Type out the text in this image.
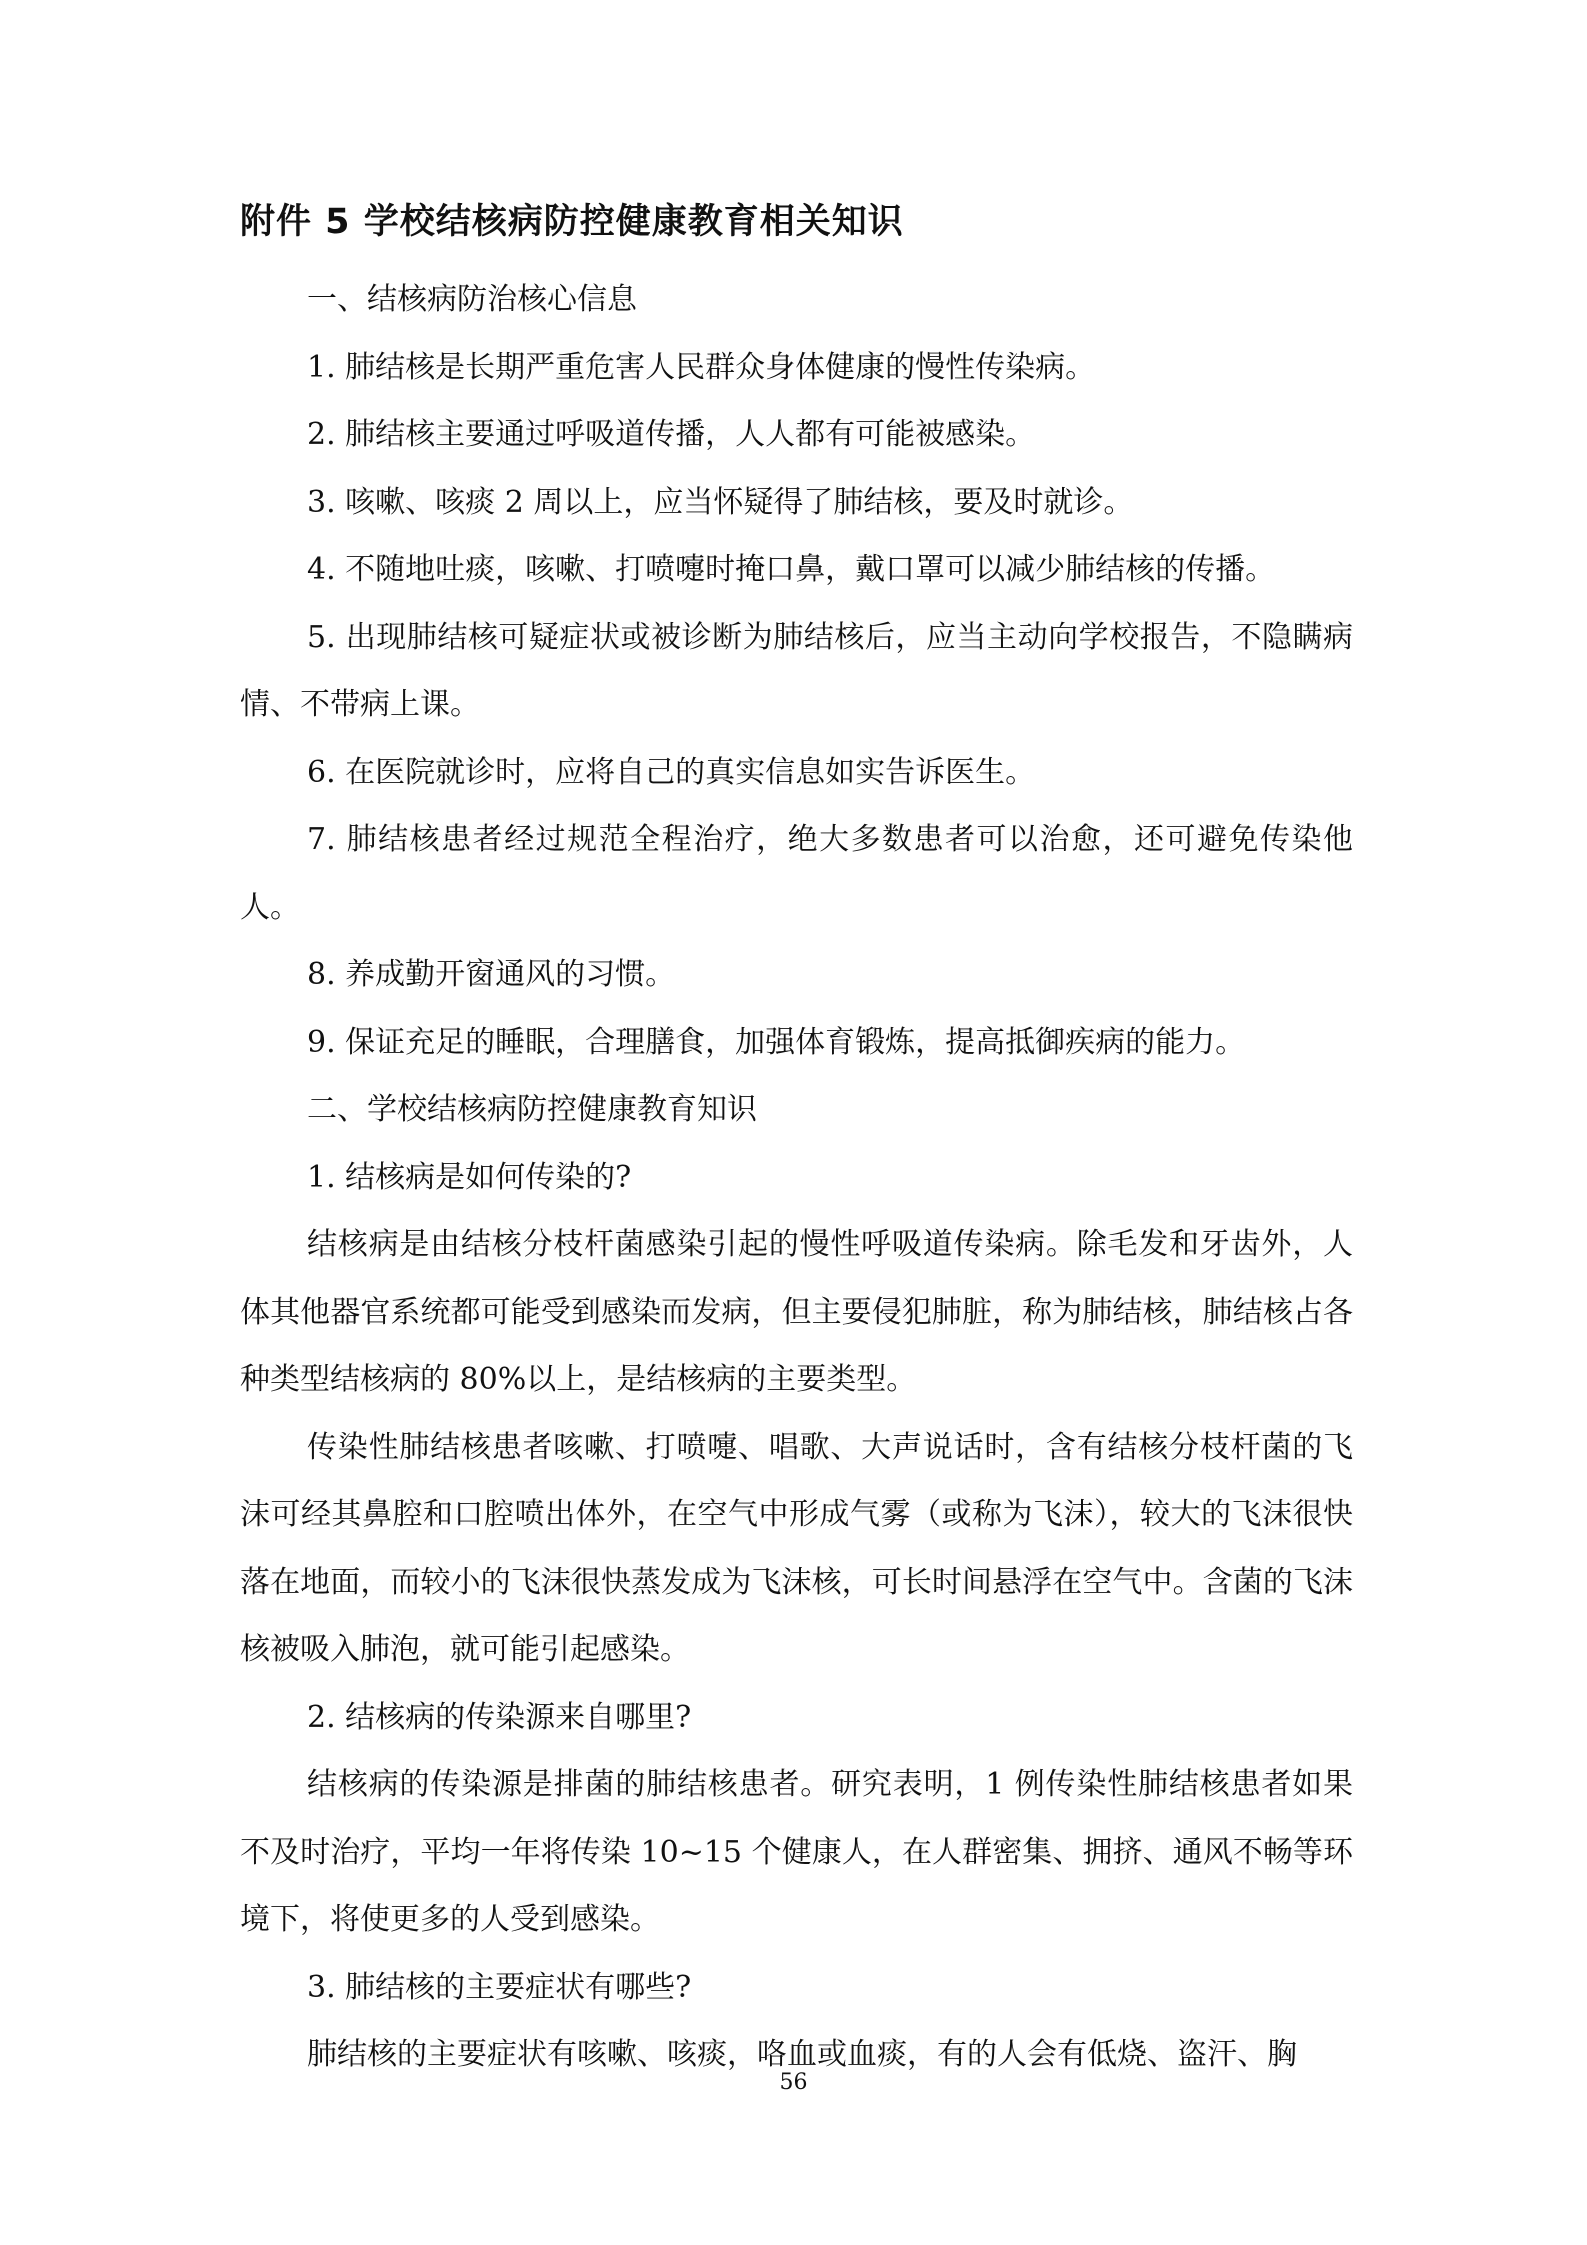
附件 5 学校结核病防控健康教育相关知识

一、结核病防治核心信息

1. 肺结核是长期严重危害人民群众身体健康的慢性传染病。

2. 肺结核主要通过呼吸道传播，人人都有可能被感染。

3. 咳嗽、咳痰 2 周以上，应当怀疑得了肺结核，要及时就诊。

4. 不随地吐痰，咳嗽、打喷嚏时掩口鼻，戴口罩可以减少肺结核的传播。

5. 出现肺结核可疑症状或被诊断为肺结核后，应当主动向学校报告，不隐瞒病情、不带病上课。

6. 在医院就诊时，应将自己的真实信息如实告诉医生。

7. 肺结核患者经过规范全程治疗，绝大多数患者可以治愈，还可避免传染他人。

8. 养成勤开窗通风的习惯。

9. 保证充足的睡眠，合理膳食，加强体育锻炼，提高抵御疾病的能力。

二、学校结核病防控健康教育知识

1. 结核病是如何传染的?

结核病是由结核分枝杆菌感染引起的慢性呼吸道传染病。除毛发和牙齿外，人体其他器官系统都可能受到感染而发病，但主要侵犯肺脏，称为肺结核，肺结核占各种类型结核病的 80%以上，是结核病的主要类型。

传染性肺结核患者咳嗽、打喷嚏、唱歌、大声说话时，含有结核分枝杆菌的飞沫可经其鼻腔和口腔喷出体外，在空气中形成气雾（或称为飞沫），较大的飞沫很快落在地面，而较小的飞沫很快蒸发成为飞沫核，可长时间悬浮在空气中。含菌的飞沫核被吸入肺泡，就可能引起感染。

2. 结核病的传染源来自哪里?

结核病的传染源是排菌的肺结核患者。研究表明，1 例传染性肺结核患者如果不及时治疗，平均一年将传染 10~15 个健康人，在人群密集、拥挤、通风不畅等环境下，将使更多的人受到感染。

3. 肺结核的主要症状有哪些?

肺结核的主要症状有咳嗽、咳痰，咯血或血痰，有的人会有低烧、盗汗、胸

56
